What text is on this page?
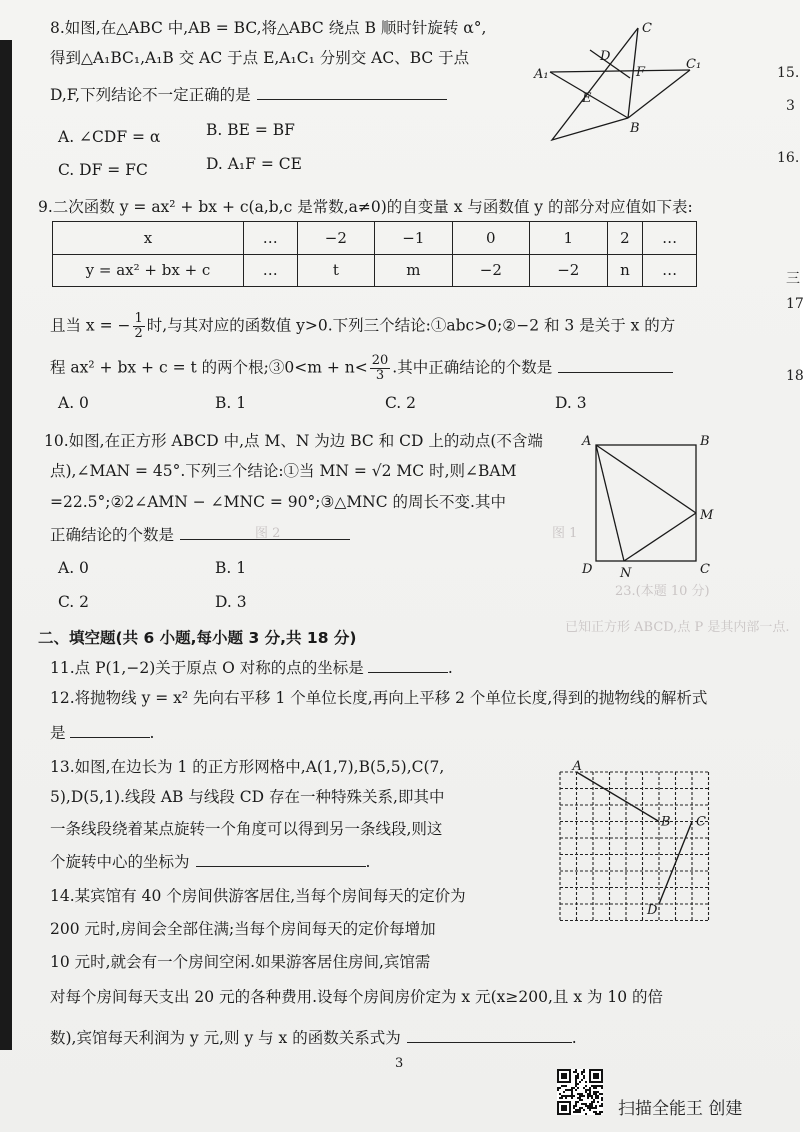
已知正方形 ABCD,点 P 是其内部一点.
23.(本题 10 分)
图 2	图 1
8.如图,在△ABC 中,AB = BC,将△ABC 绕点 B 顺时针旋转 α°,
得到△A₁BC₁,A₁B 交 AC 于点 E,A₁C₁ 分别交 AC、BC 于点
D,F,下列结论不一定正确的是
A. ∠CDF = α	B. BE = BF
C. DF = FC	D. A₁F = CE
C
D
F
C₁
A₁
E
B
9.二次函数 y = ax² + bx + c(a,b,c 是常数,a≠0)的自变量 x 与函数值 y 的部分对应值如下表:
x	…	−2	−1	0	1	2	…
y = ax² + bx + c	…	t	m	−2	−2	n	…
且当 x = − $\frac{1}{2}$ 时,与其对应的函数值 y>0.下列三个结论:①abc>0;②−2 和 3 是关于 x 的方
程 ax² + bx + c = t 的两个根;③0<m + $n< \frac{20}{3}$ .其中正确结论的个数是
A. 0	B. 1	C. 2	D. 3
10.如图,在正方形 ABCD 中,点 M、N 为边 BC 和 CD 上的动点(不含端
点),∠MAN = 45°.下列三个结论:①当 MN = √2 MC 时,则∠BAM
=22.5°;②2∠AMN − ∠MNC = 90°;③△MNC 的周长不变.其中
正确结论的个数是
A. 0	B. 1
C. 2	D. 3
A	B
C
D
M
N
二、填空题(共 6 小题,每小题 3 分,共 18 分)
11.点 P(1,−2)关于原点 O 对称的点的坐标是	.
12.将抛物线 y = x² 先向右平移 1 个单位长度,再向上平移 2 个单位长度,得到的抛物线的解析式
是	.
13.如图,在边长为 1 的正方形网格中,A(1,7),B(5,5),C(7,
5),D(5,1).线段 AB 与线段 CD 存在一种特殊关系,即其中
一条线段绕着某点旋转一个角度可以得到另一条线段,则这
个旋转中心的坐标为	.
A
B C
D
14.某宾馆有 40 个房间供游客居住,当每个房间每天的定价为
200 元时,房间会全部住满;当每个房间每天的定价每增加
10 元时,就会有一个房间空闲.如果游客居住房间,宾馆需
对每个房间每天支出 20 元的各种费用.设每个房间房价定为 x 元(x≥200,且 x 为 10 的倍
数),宾馆每天利润为 y 元,则 y 与 x 的函数关系式为	.
15.
3
16.
三
17
18
3
扫描全能王 创建
